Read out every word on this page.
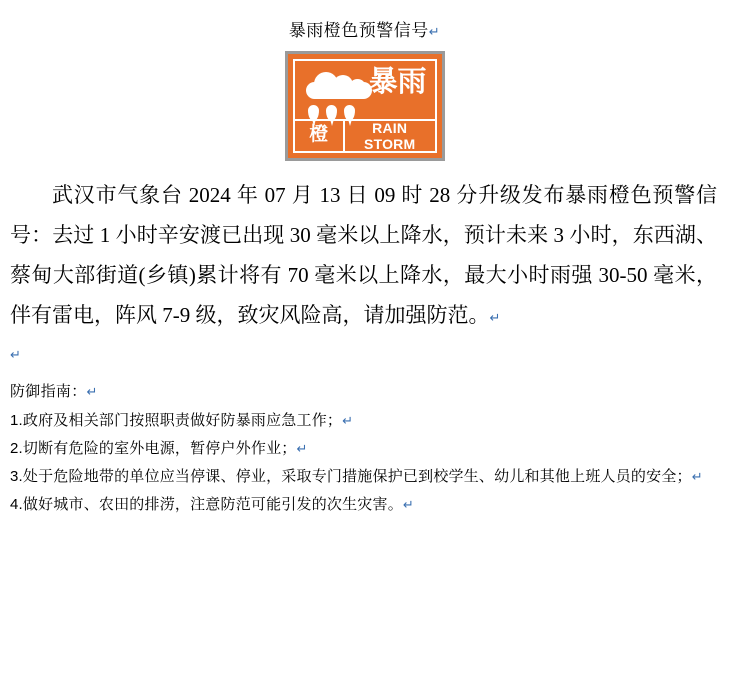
暴雨橙色预警信号↵
暴雨
橙	RAIN STORM
武汉市气象台 2024 年 07 月 13 日 09 时 28 分升级发布暴雨橙色预警信号：去过 1 小时辛安渡已出现 30 毫米以上降水，预计未来 3 小时，东西湖、蔡甸大部街道(乡镇)累计将有 70 毫米以上降水，最大小时雨强 30-50 毫米，伴有雷电，阵风 7-9 级，致灾风险高，请加强防范。↵
↵
防御指南：↵
1.政府及相关部门按照职责做好防暴雨应急工作；↵
2.切断有危险的室外电源，暂停户外作业；↵
3.处于危险地带的单位应当停课、停业，采取专门措施保护已到校学生、幼儿和其他上班人员的安全；↵
4.做好城市、农田的排涝，注意防范可能引发的次生灾害。↵
